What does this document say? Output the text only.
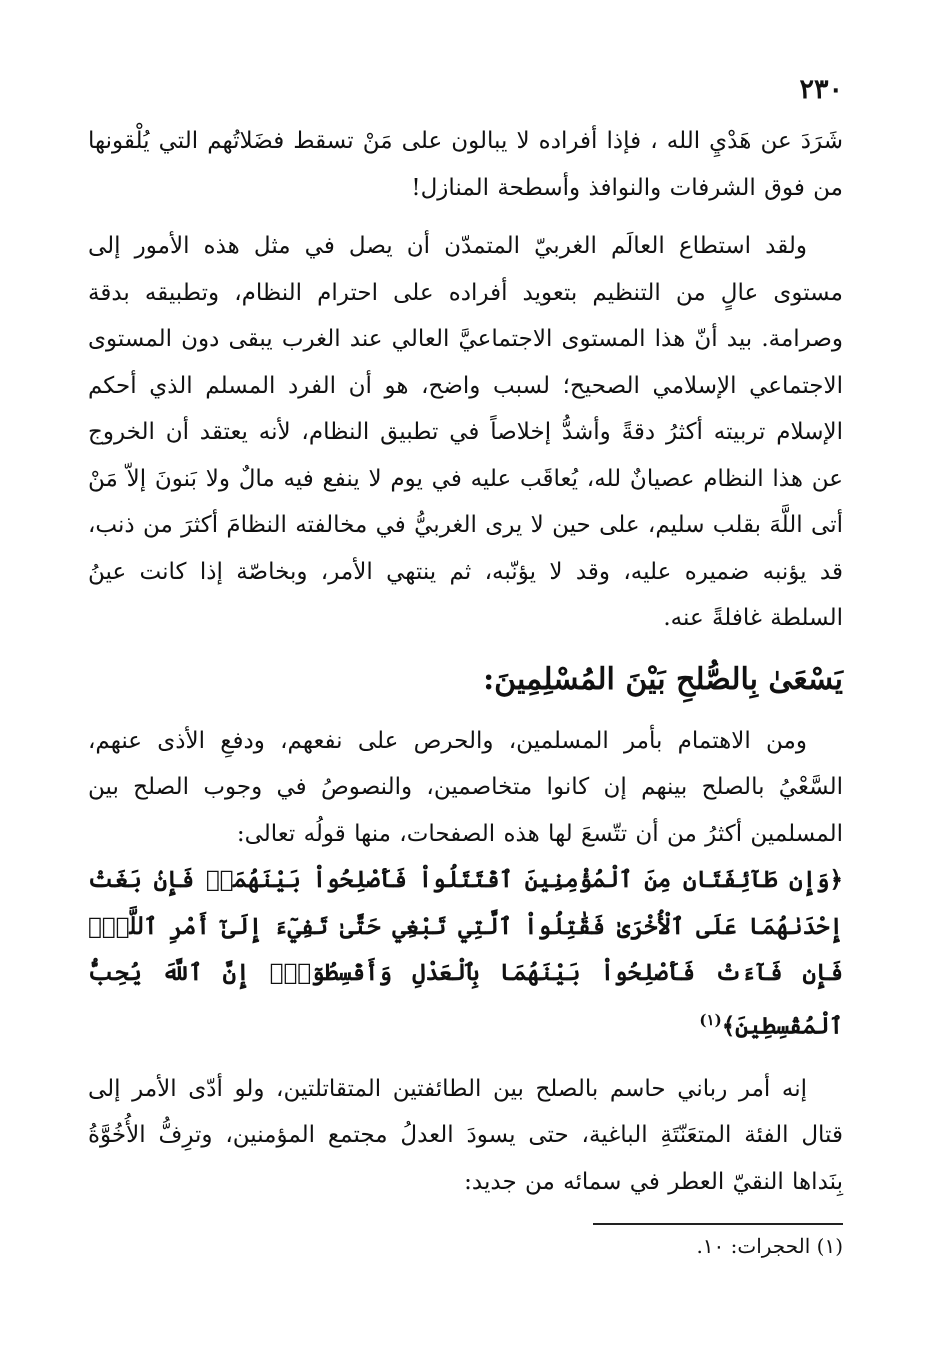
٢٣٠

شَرَدَ عن هَدْيِ الله ، فإذا أفراده لا يبالون على مَنْ تسقط فضَلاتُهم التي يُلْقونها من فوق الشرفات والنوافذ وأسطحة المنازل!

ولقد استطاع العالَم الغربيّ المتمدّن أن يصل في مثل هذه الأمور إلى مستوى عالٍ من التنظيم بتعويد أفراده على احترام النظام، وتطبيقه بدقة وصرامة. بيد أنّ هذا المستوى الاجتماعيَّ العالي عند الغرب يبقى دون المستوى الاجتماعي الإسلامي الصحيح؛ لسبب واضح، هو أن الفرد المسلم الذي أحكم الإسلام تربيته أكثرُ دقةً وأشدُّ إخلاصاً في تطبيق النظام، لأنه يعتقد أن الخروج عن هذا النظام عصيانٌ لله، يُعاقَب عليه في يوم لا ينفع فيه مالٌ ولا بَنونَ إلاّ مَنْ أتى اللَّهَ بقلب سليم، على حين لا يرى الغربيُّ في مخالفته النظامَ أكثرَ من ذنب، قد يؤنبه ضميره عليه، وقد لا يؤنّبه، ثم ينتهي الأمر، وبخاصّة إذا كانت عينُ السلطة غافلةً عنه.

يَسْعَىٰ بِالصُّلحِ بَيْنَ المُسْلِمِينَ:

ومن الاهتمام بأمر المسلمين، والحرص على نفعهم، ودفعِ الأذى عنهم، السَّعْيُ بالصلح بينهم إن كانوا متخاصمين، والنصوصُ في وجوب الصلح بين المسلمين أكثرُ من أن تتّسعَ لها هذه الصفحات، منها قولُه تعالى:

﴿وَإِن طَآئِفَتَانِ مِنَ ٱلْمُؤْمِنِينَ ٱقْتَتَلُواْ فَأَصْلِحُواْ بَيْنَهُمَاۖ فَإِنۢ بَغَتْ إِحْدَىٰهُمَا عَلَى ٱلْأُخْرَىٰ فَقَٰتِلُواْ ٱلَّتِي تَبْغِي حَتَّىٰ تَفِيٓءَ إِلَىٰٓ أَمْرِ ٱللَّهِۚ فَإِن فَآءَتْ فَأَصْلِحُواْ بَيْنَهُمَا بِٱلْعَدْلِ وَأَقْسِطُوٓاْۖ إِنَّ ٱللَّهَ يُحِبُّ ٱلْمُقْسِطِينَ﴾$^{(١)}$

إنه أمر رباني حاسم بالصلح بين الطائفتين المتقاتلتين، ولو أدّى الأمر إلى قتال الفئة المتعَنّتَةِ الباغية، حتى يسودَ العدلُ مجتمع المؤمنين، وترِفُّ الأُخُوَّةُ بِنَداها النقيّ العطر في سمائه من جديد:

(١) الحجرات: ١٠.
